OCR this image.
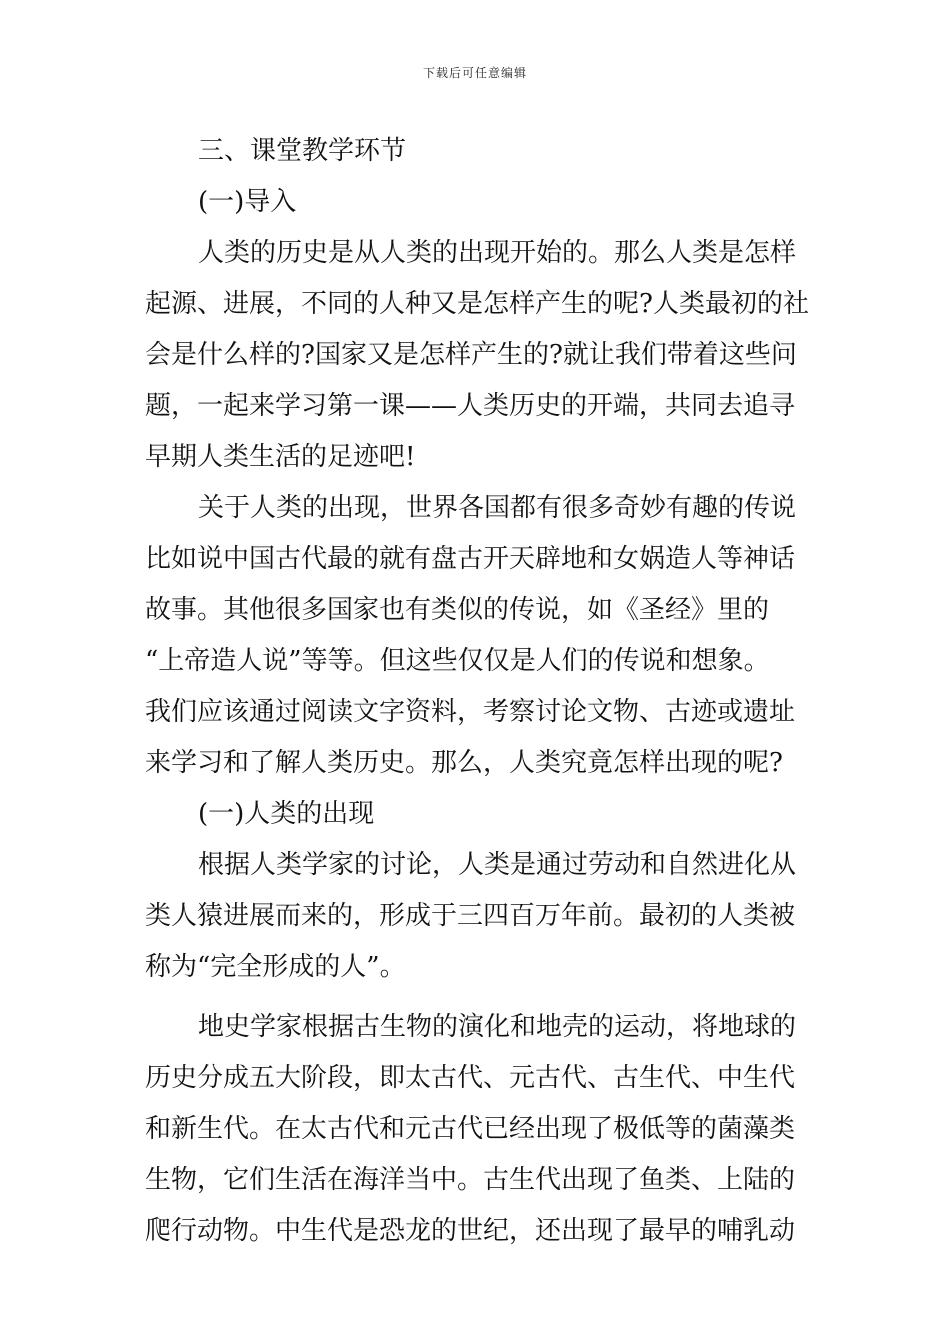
下载后可任意编辑
三、课堂教学环节
(一)导入
人类的历史是从人类的出现开始的。那么人类是怎样
起源、进展，不同的人种又是怎样产生的呢?人类最初的社
会是什么样的?国家又是怎样产生的?就让我们带着这些问
题，一起来学习第一课——人类历史的开端，共同去追寻
早期人类生活的足迹吧!
关于人类的出现，世界各国都有很多奇妙有趣的传说
比如说中国古代最的就有盘古开天辟地和女娲造人等神话
故事。其他很多国家也有类似的传说，如《圣经》里的
“上帝造人说”等等。但这些仅仅是人们的传说和想象。
我们应该通过阅读文字资料，考察讨论文物、古迹或遗址
来学习和了解人类历史。那么，人类究竟怎样出现的呢?
(一)人类的出现
根据人类学家的讨论，人类是通过劳动和自然进化从
类人猿进展而来的，形成于三四百万年前。最初的人类被
称为“完全形成的人”。
地史学家根据古生物的演化和地壳的运动，将地球的
历史分成五大阶段，即太古代、元古代、古生代、中生代
和新生代。在太古代和元古代已经出现了极低等的菌藻类
生物，它们生活在海洋当中。古生代出现了鱼类、上陆的
爬行动物。中生代是恐龙的世纪，还出现了最早的哺乳动
